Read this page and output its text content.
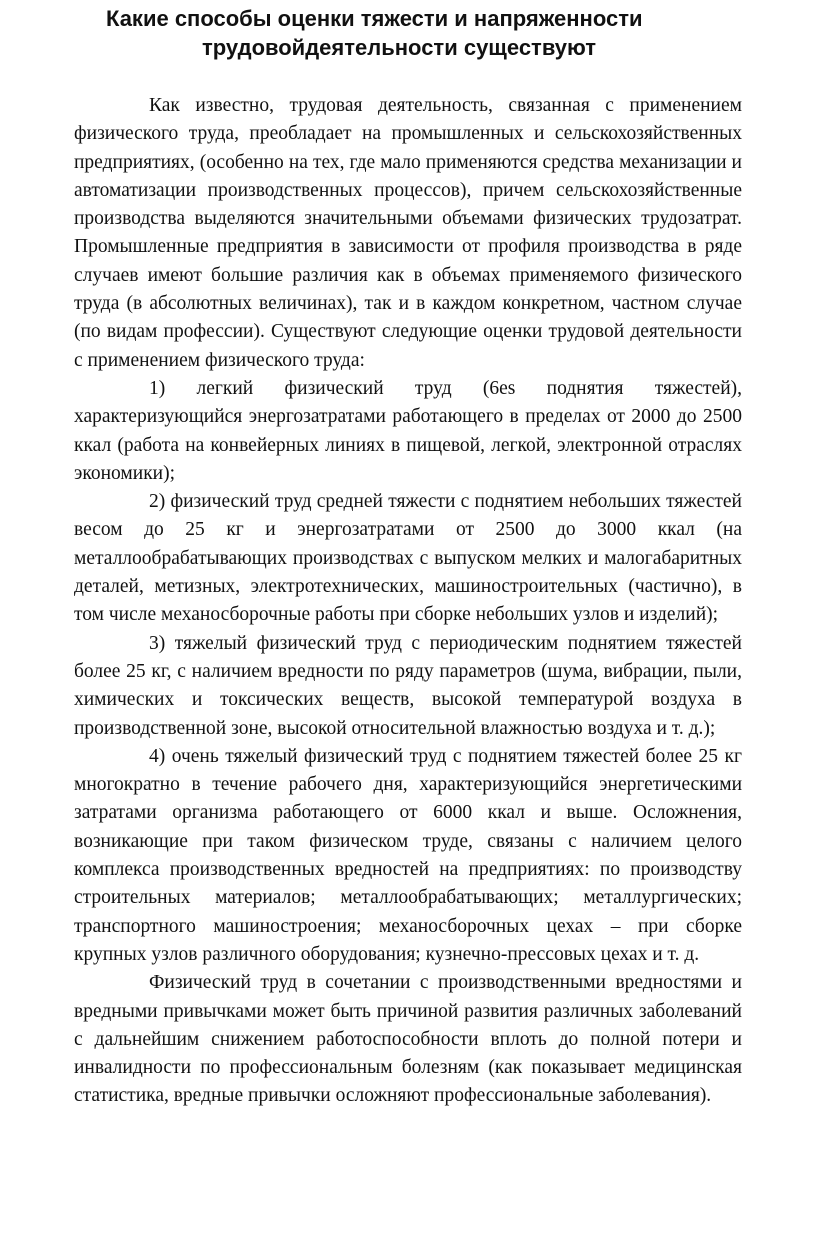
Какие способы оценки тяжести и напряженности
трудовойдеятельности существуют

Как известно, трудовая деятельность, связанная с применением физического труда, преобладает на промышленных и сельскохозяйственных предприятиях, (особенно на тех, где мало применяются средства механизации и автоматизации производственных процессов), причем сельскохозяйственные производства выделяются значительными объемами физических трудозатрат. Промышленные предприятия в зависимости от профиля производства в ряде случаев имеют большие различия как в объемах применяемого физического труда (в абсолютных величинах), так и в каждом конкретном, частном случае (по видам профессии). Существуют следующие оценки трудовой деятельности с применением физического труда:

1) легкий физический труд (6es поднятия тяжестей), характеризующийся энергозатратами работающего в пределах от 2000 до 2500 ккал (работа на конвейерных линиях в пищевой, легкой, электронной отраслях экономики);

2) физический труд средней тяжести с поднятием небольших тяжестей весом до 25 кг и энергозатратами от 2500 до 3000 ккал (на металлообрабатывающих производствах с выпуском мелких и малогабаритных деталей, метизных, электротехнических, машиностроительных (частично), в том числе механосборочные работы при сборке небольших узлов и изделий);

3) тяжелый физический труд с периодическим поднятием тяжестей более 25 кг, с наличием вредности по ряду параметров (шума, вибрации, пыли, химических и токсических веществ, высокой температурой воздуха в производственной зоне, высокой относительной влажностью воздуха и т. д.);

4) очень тяжелый физический труд с поднятием тяжестей более 25 кг многократно в течение рабочего дня, характеризующийся энергетическими затратами организма работающего от 6000 ккал и выше. Осложнения, возникающие при таком физическом труде, связаны с наличием целого комплекса производственных вредностей на предприятиях: по производству строительных материалов; металлообрабатывающих; металлургических; транспортного машиностроения; механосборочных цехах – при сборке крупных узлов различного оборудования; кузнечно-прессовых цехах и т. д.

Физический труд в сочетании с производственными вредностями и вредными привычками может быть причиной развития различных заболеваний с дальнейшим снижением работоспособности вплоть до полной потери и инвалидности по профессиональным болезням (как показывает медицинская статистика, вредные привычки осложняют профессиональные заболевания).
